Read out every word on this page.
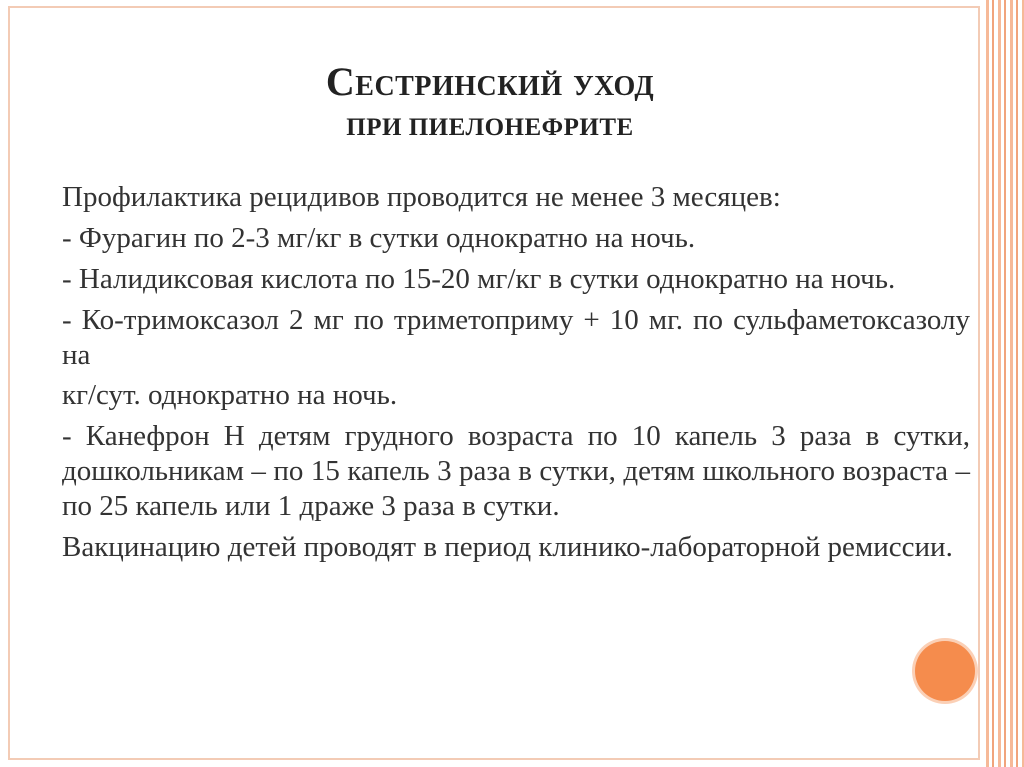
Сестринский уход
ПРИ ПИЕЛОНЕФРИТЕ

Профилактика рецидивов проводится не менее 3 месяцев:

- Фурагин по 2-3 мг/кг в сутки однократно на ночь.

- Налидиксовая кислота по 15-20 мг/кг в сутки однократно на ночь.

- Ко-тримоксазол 2 мг по триметоприму + 10 мг. по сульфаметоксазолу на

кг/сут. однократно на ночь.

- Канефрон Н детям грудного возраста по 10 капель 3 раза в сутки, дошкольникам – по 15 капель 3 раза в сутки, детям школьного возраста – по 25 капель или 1 драже 3 раза в сутки.

Вакцинацию детей проводят в период клинико-лабораторной ремиссии.
